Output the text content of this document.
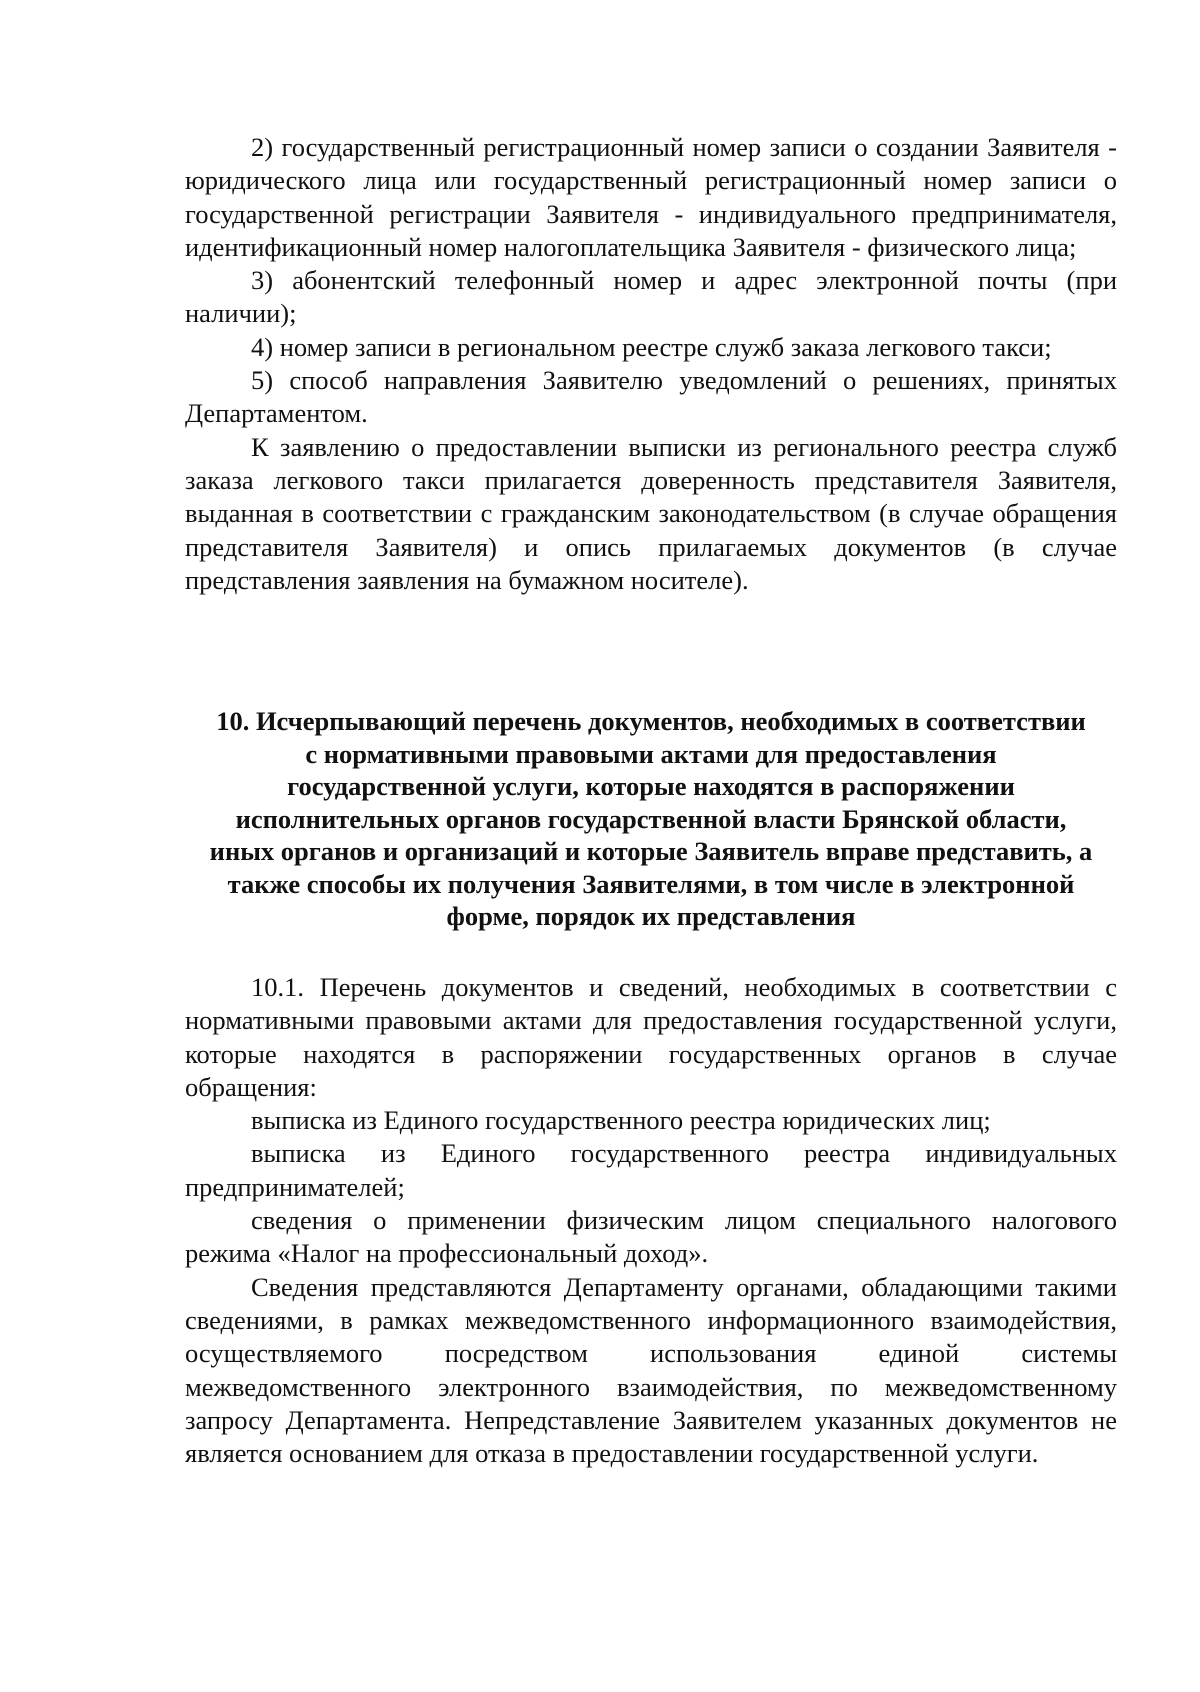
2) государственный регистрационный номер записи о создании Заявителя - юридического лица или государственный регистрационный номер записи о государственной регистрации Заявителя - индивидуального предпринимателя, идентификационный номер налогоплательщика Заявителя - физического лица;

3) абонентский телефонный номер и адрес электронной почты (при наличии);

4) номер записи в региональном реестре служб заказа легкового такси;

5) способ направления Заявителю уведомлений о решениях, принятых Департаментом.

К заявлению о предоставлении выписки из регионального реестра служб заказа легкового такси прилагается доверенность представителя Заявителя, выданная в соответствии с гражданским законодательством (в случае обращения представителя Заявителя) и опись прилагаемых документов (в случае представления заявления на бумажном носителе).

10. Исчерпывающий перечень документов, необходимых в соответствии
с нормативными правовыми актами для предоставления
государственной услуги, которые находятся в распоряжении
исполнительных органов государственной власти Брянской области,
иных органов и организаций и которые Заявитель вправе представить, а
также способы их получения Заявителями, в том числе в электронной
форме, порядок их представления

10.1. Перечень документов и сведений, необходимых в соответствии с нормативными правовыми актами для предоставления государственной услуги, которые находятся в распоряжении государственных органов в случае обращения:

выписка из Единого государственного реестра юридических лиц;

выписка из Единого государственного реестра индивидуальных предпринимателей;

сведения о применении физическим лицом специального налогового режима «Налог на профессиональный доход».

Сведения представляются Департаменту органами, обладающими такими сведениями, в рамках межведомственного информационного взаимодействия, осуществляемого посредством использования единой системы межведомственного электронного взаимодействия, по межведомственному запросу Департамента. Непредставление Заявителем указанных документов не является основанием для отказа в предоставлении государственной услуги.
